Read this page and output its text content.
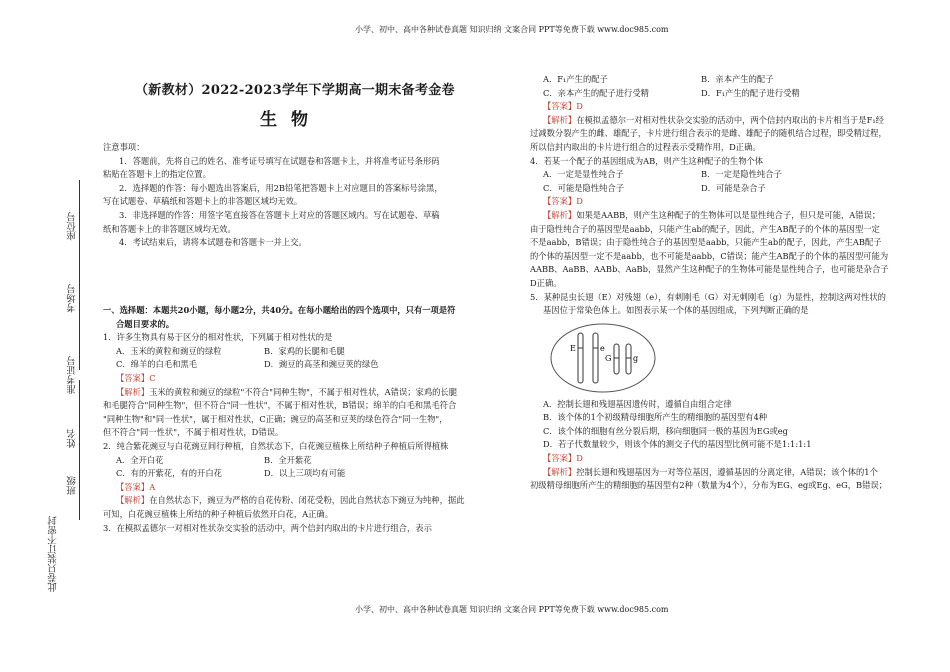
小学、初中、高中各种试卷真题 知识归纳 文案合同 PPT等免费下载 www.doc985.com
小学、初中、高中各种试卷真题 知识归纳 文案合同 PPT等免费下载 www.doc985.com
座位号
考场号
准考证号
姓名
班级
此卷只装订不密封
（新教材）2022-2023学年下学期高一期末备考金卷
生物
注意事项：
1．答题前，先将自己的姓名、准考证号填写在试题卷和答题卡上，并将准考证号条形码
粘贴在答题卡上的指定位置。
2．选择题的作答：每小题选出答案后，用2B铅笔把答题卡上对应题目的答案标号涂黑，
写在试题卷、草稿纸和答题卡上的非答题区域均无效。
3．非选择题的作答：用签字笔直接答在答题卡上对应的答题区域内。写在试题卷、草稿
纸和答题卡上的非答题区域均无效。
4．考试结束后，请将本试题卷和答题卡一并上交。
一、选择题：本题共20小题，每小题2分，共40分。在每小题给出的四个选项中，只有一项是符
合题目要求的。
1．许多生物具有易于区分的相对性状，下列属于相对性状的是
A．玉米的黄粒和豌豆的绿粒	B．家鸡的长腿和毛腿
C．绵羊的白毛和黑毛	D．豌豆的高茎和豌豆荚的绿色
【答案】C
【解析】玉米的黄粒和豌豆的绿粒"不符合"同种生物"，不属于相对性状，A错误；家鸡的长腿
和毛腿符合"同种生物"，但不符合"同一性状"，不属于相对性状，B错误；绵羊的白毛和黑毛符合
"同种生物"和"同一性状"，属于相对性状，C正确；豌豆的高茎和豆荚的绿色符合"同一生物"，
但不符合"同一性状"，不属于相对性状，D错误。
2．纯合紫花豌豆与白花豌豆间行种植，自然状态下，白花豌豆植株上所结种子种植后所得植株
A．全开白花	B．全开紫花
C．有的开紫花，有的开白花	D．以上三项均有可能
【答案】A
【解析】在自然状态下，豌豆为严格的自花传粉、闭花受粉，因此自然状态下豌豆为纯种，据此
可知，白花豌豆植株上所结的种子种植后依然开白花，A正确。
3．在模拟孟德尔一对相对性状杂交实验的活动中，两个信封内取出的卡片进行组合，表示
A．F₁产生的配子	B．亲本产生的配子
C．亲本产生的配子进行受精	D．F₁产生的配子进行受精
【答案】D
【解析】在模拟孟德尔一对相对性状杂交实验的活动中，两个信封内取出的卡片相当于是F₁经
过减数分裂产生的雌、雄配子，卡片进行组合表示的是雌、雄配子的随机结合过程，即受精过程，
所以信封内取出的卡片进行组合的过程表示受精作用，D正确。
4．若某一个配子的基因组成为AB，则产生这种配子的生物个体
A．一定是显性纯合子	B．一定是隐性纯合子
C．可能是隐性纯合子	D．可能是杂合子
【答案】D
【解析】如果是AABB，则产生这种配子的生物体可以是显性纯合子，但只是可能，A错误；
由于隐性纯合子的基因型是aabb，只能产生ab的配子，因此，产生AB配子的个体的基因型一定
不是aabb，B错误；由于隐性纯合子的基因型是aabb，只能产生ab的配子，因此，产生AB配子
的个体的基因型一定不是aabb，也不可能是aabb，C错误；能产生AB配子的个体的基因型可能为
AABB、AaBB、AABb、AaBb，显然产生这种配子的生物体可能是显性纯合子，也可能是杂合子
D正确。
5．某种昆虫长翅（E）对残翅（e），有刺刚毛（G）对无刺刚毛（g）为显性，控制这两对性状的
基因位于常染色体上。如图表示某一个体的基因组成，下列判断正确的是
E	e
G	g
A．控制长翅和残翅基因遗传时，遵循自由组合定律
B．该个体的1个初级精母细胞所产生的精细胞的基因型有4种
C．该个体的细胞有丝分裂后期，移向细胞同一极的基因为EG或eg
D．若子代数量较少，则该个体的测交子代的基因型比例可能不是1:1:1:1
【答案】D
【解析】控制长翅和残翅基因为一对等位基因，遵循基因的分离定律，A错误；该个体的1个
初级精母细胞所产生的精细胞的基因型有2种（数量为4个），分布为EG、eg或Eg、eG，B错误；
